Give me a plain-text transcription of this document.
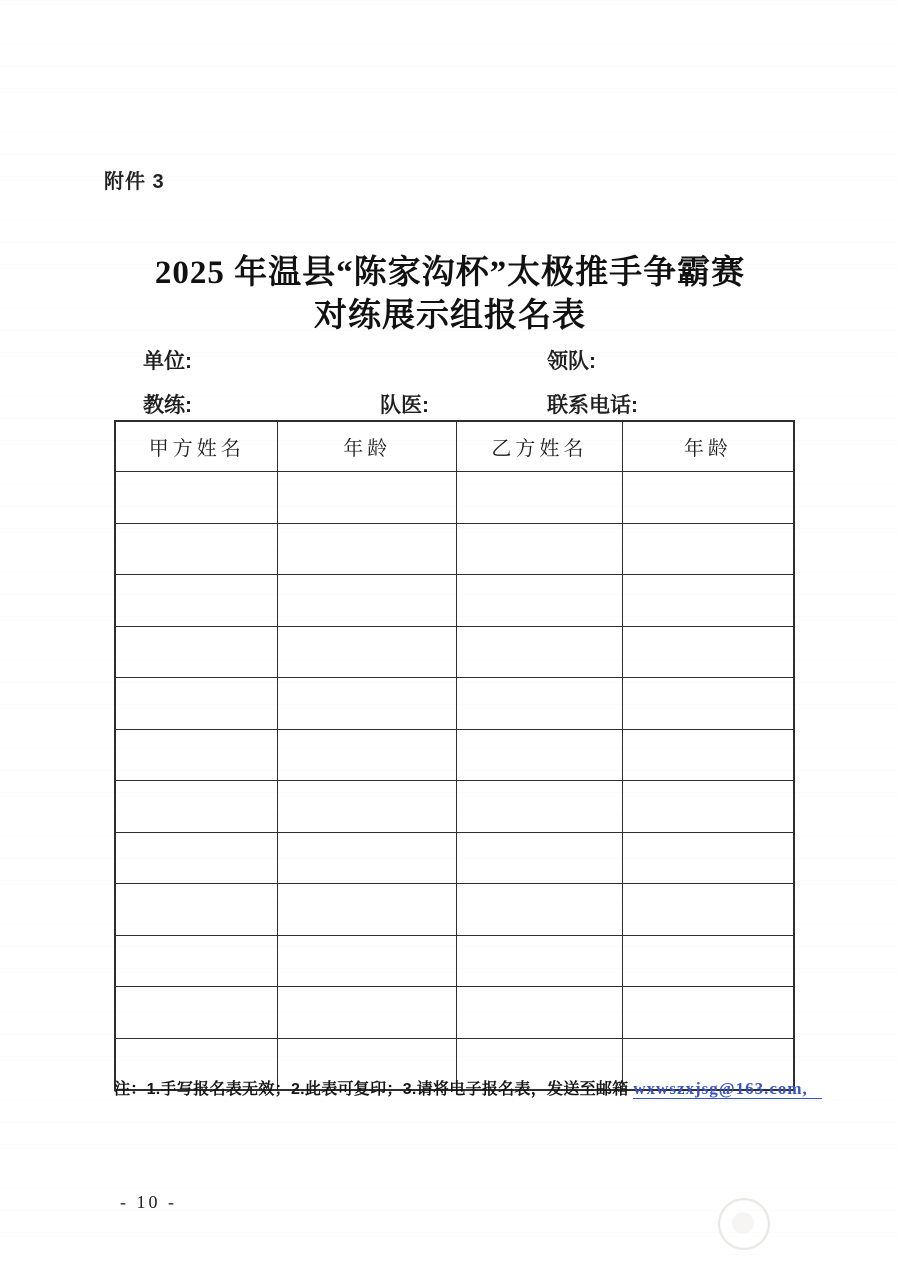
附件 3
2025 年温县“陈家沟杯”太极推手争霸赛
对练展示组报名表
单位:	领队:
教练:	队医:	联系电话:
甲方姓名	年龄	乙方姓名	年龄

注：1.手写报名表无效；2.此表可复印；3.请将电子报名表，发送至邮箱 wxwszxjsg@163.com,
- 10 -
